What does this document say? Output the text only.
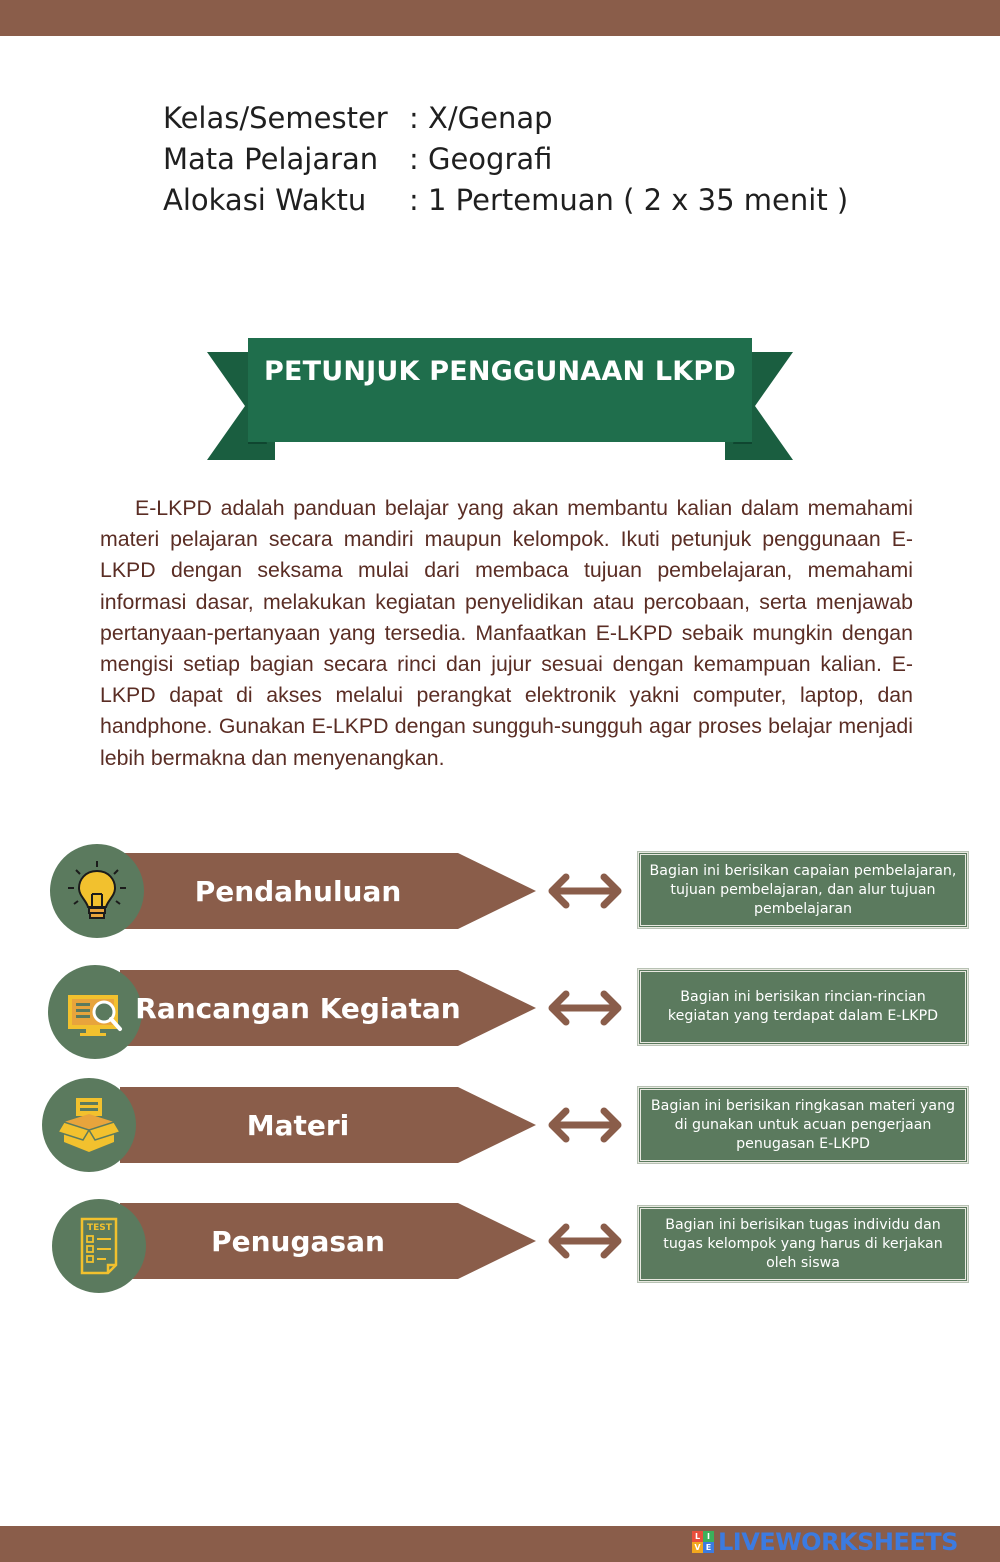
Kelas/Semester : X/Genap
Mata Pelajaran	: Geografi
Alokasi Waktu	: 1 Pertemuan ( 2 x 35 menit )
PETUNJUK PENGGUNAAN LKPD
E-LKPD adalah panduan belajar yang akan membantu kalian dalam memahami materi pelajaran secara mandiri maupun kelompok. Ikuti petunjuk penggunaan E-LKPD dengan seksama mulai dari membaca tujuan pembelajaran, memahami informasi dasar, melakukan kegiatan penyelidikan atau percobaan, serta menjawab pertanyaan-pertanyaan yang tersedia. Manfaatkan E-LKPD sebaik mungkin dengan mengisi setiap bagian secara rinci dan jujur sesuai dengan kemampuan kalian. E-LKPD dapat di akses melalui perangkat elektronik yakni computer, laptop, dan handphone. Gunakan E-LKPD dengan sungguh-sungguh agar proses belajar menjadi lebih bermakna dan menyenangkan.
Pendahuluan
Bagian ini berisikan capaian pembelajaran, tujuan pembelajaran, dan alur tujuan pembelajaran
Rancangan Kegiatan	Bagian ini berisikan rincian-rincian kegiatan yang terdapat dalam E-LKPD
Materi
Bagian ini berisikan ringkasan materi yang di gunakan untuk acuan pengerjaan penugasan E-LKPD
TEST	Penugasan	Bagian ini berisikan tugas individu dan tugas kelompok yang harus di kerjakan oleh siswa
L I
V E LIVEWORKSHEETS
